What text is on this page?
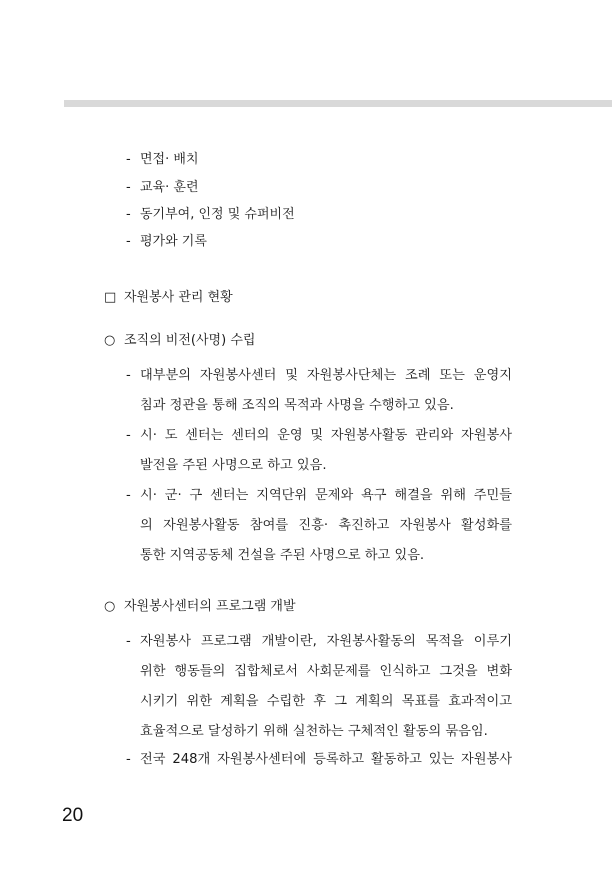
- 면접· 배치
- 교육· 훈련
- 동기부여, 인정 및 슈퍼비전
- 평가와 기록
□ 자원봉사 관리 현황
○ 조직의 비전(사명) 수립
- 대부분의 자원봉사센터 및 자원봉사단체는 조례 또는 운영지
침과 정관을 통해 조직의 목적과 사명을 수행하고 있음.
- 시· 도 센터는 센터의 운영 및 자원봉사활동 관리와 자원봉사
발전을 주된 사명으로 하고 있음.
- 시· 군· 구 센터는 지역단위 문제와 욕구 해결을 위해 주민들
의 자원봉사활동 참여를 진흥· 촉진하고 자원봉사 활성화를
통한 지역공동체 건설을 주된 사명으로 하고 있음.
○ 자원봉사센터의 프로그램 개발
- 자원봉사 프로그램 개발이란, 자원봉사활동의 목적을 이루기
위한 행동들의 집합체로서 사회문제를 인식하고 그것을 변화
시키기 위한 계획을 수립한 후 그 계획의 목표를 효과적이고
효율적으로 달성하기 위해 실천하는 구체적인 활동의 묶음임.
- 전국 248개 자원봉사센터에 등록하고 활동하고 있는 자원봉사
20
